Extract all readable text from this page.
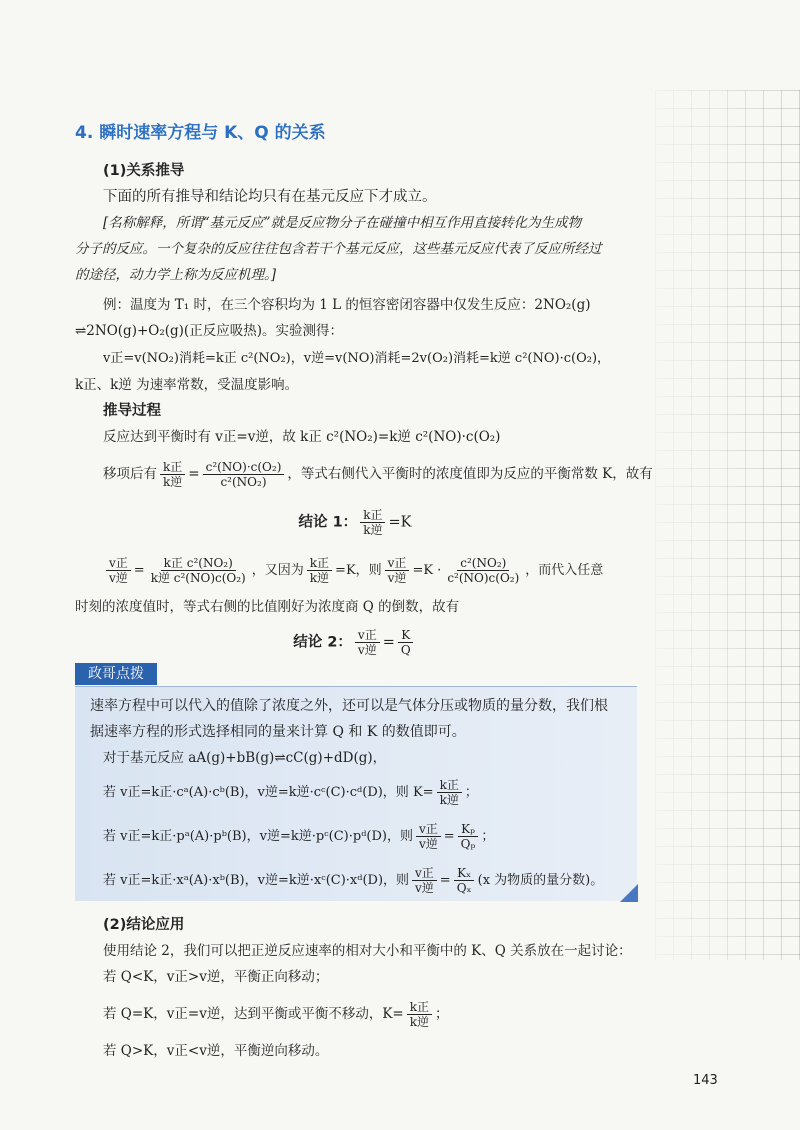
4. 瞬时速率方程与 K、Q 的关系
(1)关系推导
下面的所有推导和结论均只有在基元反应下才成立。
[名称解释，所谓“基元反应”就是反应物分子在碰撞中相互作用直接转化为生成物
分子的反应。一个复杂的反应往往包含若干个基元反应，这些基元反应代表了反应所经过
的途径，动力学上称为反应机理。]
例：温度为 T₁ 时，在三个容积均为 1 L 的恒容密闭容器中仅发生反应：2NO₂(g)
⇌2NO(g)+O₂(g)(正反应吸热)。实验测得：
v正=v(NO₂)消耗=k正 c²(NO₂)，v逆=v(NO)消耗=2v(O₂)消耗=k逆 c²(NO)·c(O₂)，
k正、k逆 为速率常数，受温度影响。
推导过程
反应达到平衡时有 v正=v逆，故 k正 c²(NO₂)=k逆 c²(NO)·c(O₂)
移项后有 $\frac{\text{k正}}{\text{k逆}} = \frac{\text{c²(NO)·c(O₂)}}{\text{c²(NO₂)}}$ ，等式右侧代入平衡时的浓度值即为反应的平衡常数 K，故有
结论 1： $\frac{\text{k正}}{\text{k逆}} =K$
$\frac{\text{v正}}{\text{v逆}} = \frac{\text{k正 c²(NO₂)}}{\text{k逆 c²(NO)c(O₂)}}$ ，又因为 $\frac{\text{k正}}{\text{k逆}} =K$，则 $\frac{\text{v正}}{\text{v逆}} =K \cdot \frac{\text{c²(NO₂)}}{\text{c²(NO)c(O₂)}}$ ，而代入任意
时刻的浓度值时，等式右侧的比值刚好为浓度商 Q 的倒数，故有
结论 2： $\frac{\text{v正}}{\text{v逆}} = \frac{K}{Q}$
政哥点拨
速率方程中可以代入的值除了浓度之外，还可以是气体分压或物质的量分数，我们根
据速率方程的形式选择相同的量来计算 Q 和 K 的数值即可。
对于基元反应 aA(g)+bB(g)⇌cC(g)+dD(g)，
若 v正=k正·cᵃ(A)·cᵇ(B)，v逆=k逆·cᶜ(C)·cᵈ(D)，则 $K= \frac{\text{k正}}{\text{k逆}}$ ；
若 v正=k正·pᵃ(A)·pᵇ(B)，v逆=k逆·pᶜ(C)·pᵈ(D)，则 $\frac{\text{v正}}{\text{v逆}} = \frac{\text{Kₚ}}{\text{Qₚ}}$ ；
若 v正=k正·xᵃ(A)·xᵇ(B)，v逆=k逆·xᶜ(C)·xᵈ(D)，则 $\frac{\text{v正}}{\text{v逆}} = \frac{\text{Kₓ}}{\text{Qₓ}} (x$ 为物质的量分数)。
(2)结论应用
使用结论 2，我们可以把正逆反应速率的相对大小和平衡中的 K、Q 关系放在一起讨论：
若 Q<K，v正>v逆，平衡正向移动；
若 Q=K，v正=v逆，达到平衡或平衡不移动，$K= \frac{\text{k正}}{\text{k逆}}$ ；
若 Q>K，v正<v逆，平衡逆向移动。
143
